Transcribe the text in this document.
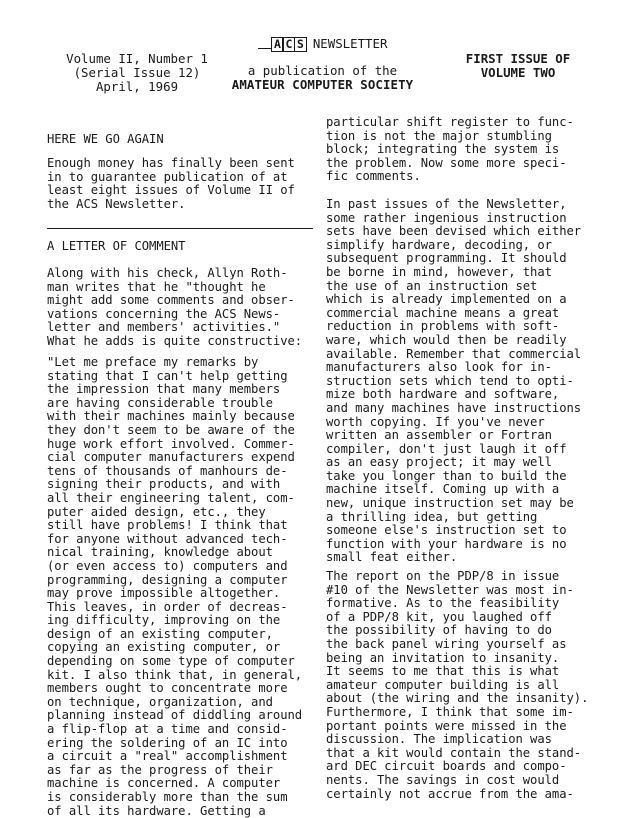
Volume II, Number 1
(Serial Issue 12)
April, 1969
A C S NEWSLETTER
a publication of the
AMATEUR COMPUTER SOCIETY
FIRST ISSUE OF
VOLUME TWO
HERE WE GO AGAIN
Enough money has finally been sent
in to guarantee publication of at
least eight issues of Volume II of
the ACS Newsletter.
A LETTER OF COMMENT
Along with his check, Allyn Roth-
man writes that he "thought he
might add some comments and obser-
vations concerning the ACS News-
letter and members' activities."
What he adds is quite constructive:
"Let me preface my remarks by
stating that I can't help getting
the impression that many members
are having considerable trouble
with their machines mainly because
they don't seem to be aware of the
huge work effort involved. Commer-
cial computer manufacturers expend
tens of thousands of manhours de-
signing their products, and with
all their engineering talent, com-
puter aided design, etc., they
still have problems! I think that
for anyone without advanced tech-
nical training, knowledge about
(or even access to) computers and
programming, designing a computer
may prove impossible altogether.
This leaves, in order of decreas-
ing difficulty, improving on the
design of an existing computer,
copying an existing computer, or
depending on some type of computer
kit. I also think that, in general,
members ought to concentrate more
on technique, organization, and
planning instead of diddling around
a flip-flop at a time and consid-
ering the soldering of an IC into
a circuit a "real" accomplishment
as far as the progress of their
machine is concerned. A computer
is considerably more than the sum
of all its hardware. Getting a
particular shift register to func-
tion is not the major stumbling
block; integrating the system is
the problem. Now some more speci-
fic comments.
In past issues of the Newsletter,
some rather ingenious instruction
sets have been devised which either
simplify hardware, decoding, or
subsequent programming. It should
be borne in mind, however, that
the use of an instruction set
which is already implemented on a
commercial machine means a great
reduction in problems with soft-
ware, which would then be readily
available. Remember that commercial
manufacturers also look for in-
struction sets which tend to opti-
mize both hardware and software,
and many machines have instructions
worth copying. If you've never
written an assembler or Fortran
compiler, don't just laugh it off
as an easy project; it may well
take you longer than to build the
machine itself. Coming up with a
new, unique instruction set may be
a thrilling idea, but getting
someone else's instruction set to
function with your hardware is no
small feat either.
The report on the PDP/8 in issue
#10 of the Newsletter was most in-
formative. As to the feasibility
of a PDP/8 kit, you laughed off
the possibility of having to do
the back panel wiring yourself as
being an invitation to insanity.
It seems to me that this is what
amateur computer building is all
about (the wiring and the insanity).
Furthermore, I think that some im-
portant points were missed in the
discussion. The implication was
that a kit would contain the stand-
ard DEC circuit boards and compo-
nents. The savings in cost would
certainly not accrue from the ama-
